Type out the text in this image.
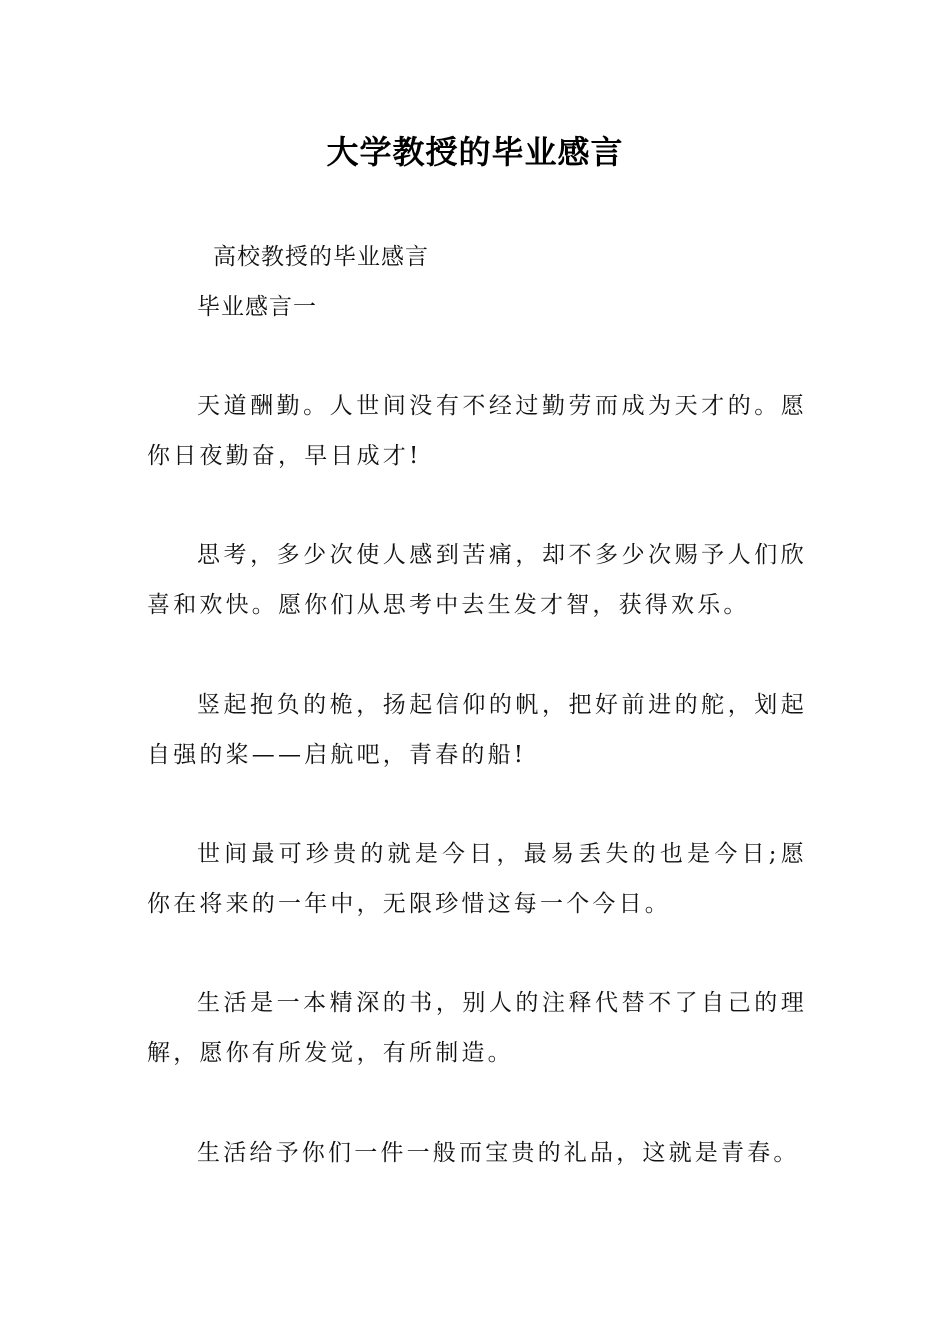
大学教授的毕业感言
高校教授的毕业感言
毕业感言一

天道酬勤。人世间没有不经过勤劳而成为天才的。愿你日夜勤奋，早日成才!

思考，多少次使人感到苦痛，却不多少次赐予人们欣喜和欢快。愿你们从思考中去生发才智，获得欢乐。

竖起抱负的桅，扬起信仰的帆，把好前进的舵，划起自强的桨——启航吧，青春的船!

世间最可珍贵的就是今日，最易丢失的也是今日;愿你在将来的一年中，无限珍惜这每一个今日。

生活是一本精深的书，别人的注释代替不了自己的理解，愿你有所发觉，有所制造。

生活给予你们一件一般而宝贵的礼品，这就是青春。
